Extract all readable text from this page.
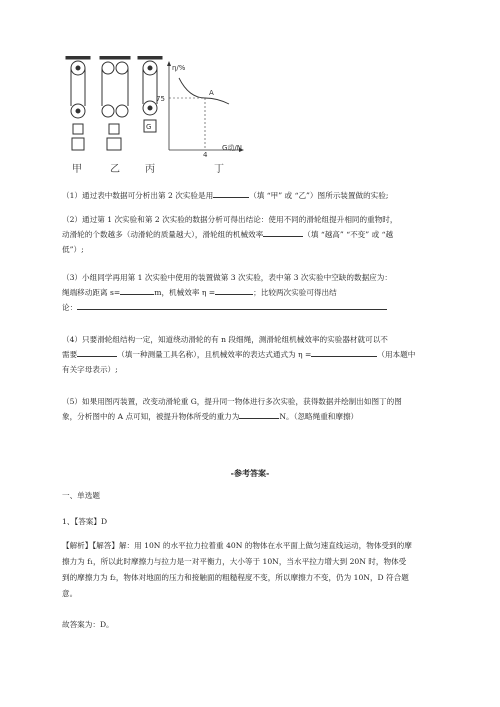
G
甲	乙	丙
η/%
75
4
A
丁
G动/N

（1）通过表中数据可分析出第 2 次实验是用	（填 “甲” 或 “乙”）图所示装置做的实验;

（2）通过第 1 次实验和第 2 次实验的数据分析可得出结论：使用不同的滑轮组提升相同的重物时，
动滑轮的个数越多（动滑轮的质量越大），滑轮组的机械效率	（填 “越高” “不变” 或 “越
低”）;

（3）小组同学再用第 1 次实验中使用的装置做第 3 次实验，表中第 3 次实验中空缺的数据应为：
绳端移动距离 s=	m，机械效率 η =	；比较两次实验可得出结
论：

（4）只要滑轮组结构一定，知道绕动滑轮的有 n 段细绳，测滑轮组机械效率的实验器材就可以不
需要	（填一种测量工具名称），且机械效率的表达式通式为 η =	（用本题中
有关字母表示）;

（5）如果用图丙装置，改变动滑轮重 G，提升同一物体进行多次实验，获得数据并绘制出如图丁的图
象，分析图中的 A 点可知，被提升物体所受的重力为	N。（忽略绳重和摩擦）

-参考答案-

一、单选题

1、【答案】D

【解析】【解答】解：用 10N 的水平拉力拉着重 40N 的物体在水平面上做匀速直线运动，物体受到的摩
擦力为 f₁，所以此时摩擦力与拉力是一对平衡力，大小等于 10N，当水平拉力增大到 20N 时，物体受
到的摩擦力为 f₂，物体对地面的压力和接触面的粗糙程度不变，所以摩擦力不变，仍为 10N，D 符合题
意。

故答案为：D。
